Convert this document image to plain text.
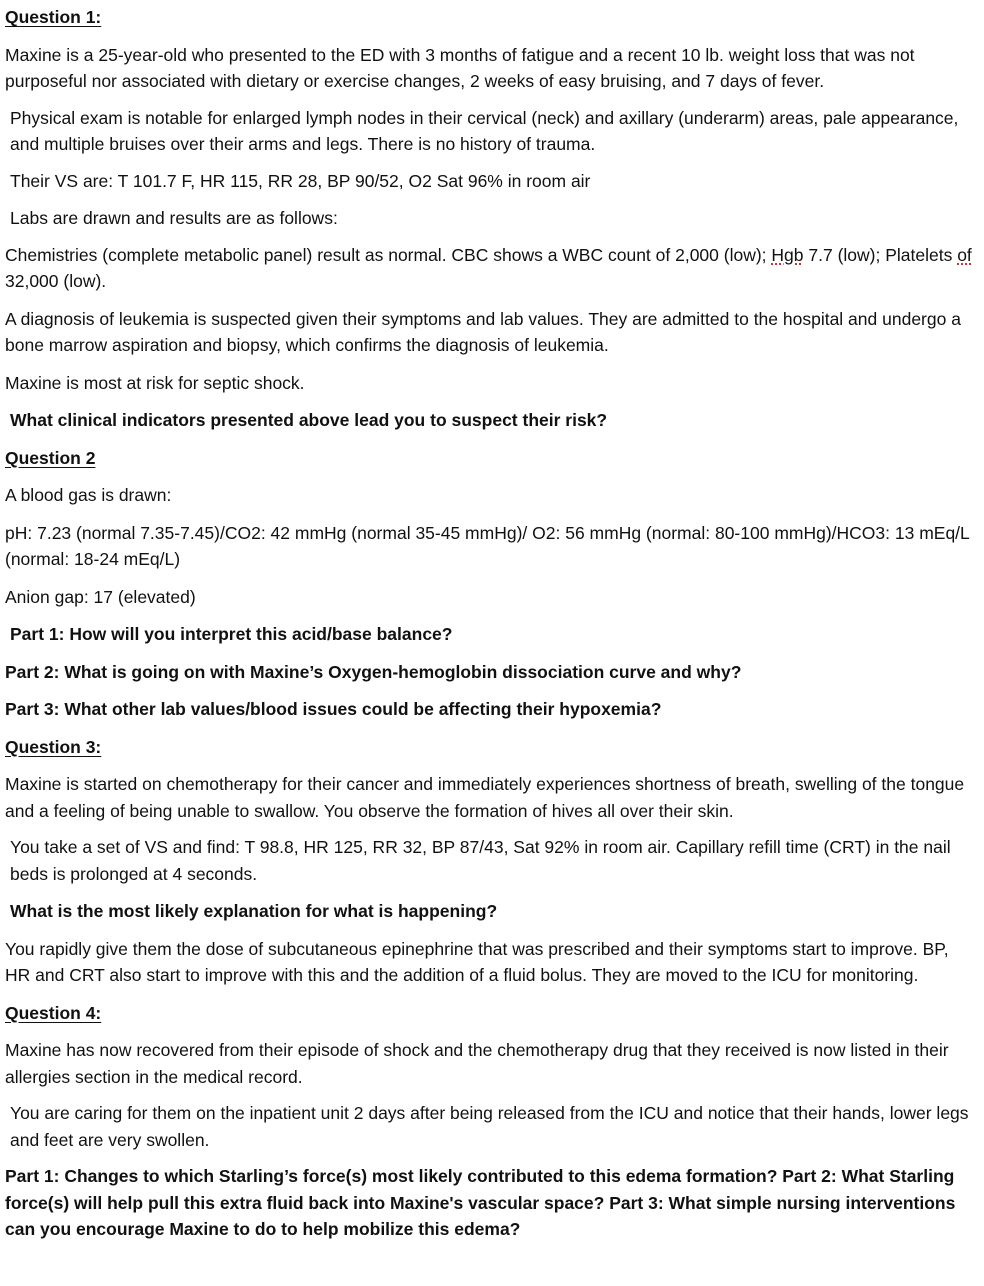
Question 1:

Maxine is a 25-year-old who presented to the ED with 3 months of fatigue and a recent 10 lb. weight loss that was not purposeful nor associated with dietary or exercise changes, 2 weeks of easy bruising, and 7 days of fever.

Physical exam is notable for enlarged lymph nodes in their cervical (neck) and axillary (underarm) areas, pale appearance, and multiple bruises over their arms and legs. There is no history of trauma.

Their VS are: T 101.7 F, HR 115, RR 28, BP 90/52, O2 Sat 96% in room air

Labs are drawn and results are as follows:

Chemistries (complete metabolic panel) result as normal. CBC shows a WBC count of 2,000 (low); Hgb 7.7 (low); Platelets of 32,000 (low).

A diagnosis of leukemia is suspected given their symptoms and lab values. They are admitted to the hospital and undergo a bone marrow aspiration and biopsy, which confirms the diagnosis of leukemia.

Maxine is most at risk for septic shock.

What clinical indicators presented above lead you to suspect their risk?

Question 2

A blood gas is drawn:

pH: 7.23 (normal 7.35-7.45)/CO2: 42 mmHg (normal 35-45 mmHg)/ O2: 56 mmHg (normal: 80-100 mmHg)/HCO3: 13 mEq/L (normal: 18-24 mEq/L)

Anion gap: 17 (elevated)

Part 1: How will you interpret this acid/base balance?

Part 2: What is going on with Maxine’s Oxygen-hemoglobin dissociation curve and why?

Part 3: What other lab values/blood issues could be affecting their hypoxemia?

Question 3:

Maxine is started on chemotherapy for their cancer and immediately experiences shortness of breath, swelling of the tongue and a feeling of being unable to swallow. You observe the formation of hives all over their skin.

You take a set of VS and find: T 98.8, HR 125, RR 32, BP 87/43, Sat 92% in room air. Capillary refill time (CRT) in the nail beds is prolonged at 4 seconds.

What is the most likely explanation for what is happening?

You rapidly give them the dose of subcutaneous epinephrine that was prescribed and their symptoms start to improve. BP, HR and CRT also start to improve with this and the addition of a fluid bolus. They are moved to the ICU for monitoring.

Question 4:

Maxine has now recovered from their episode of shock and the chemotherapy drug that they received is now listed in their allergies section in the medical record.

You are caring for them on the inpatient unit 2 days after being released from the ICU and notice that their hands, lower legs and feet are very swollen.

Part 1: Changes to which Starling’s force(s) most likely contributed to this edema formation? Part 2: What Starling force(s) will help pull this extra fluid back into Maxine's vascular space? Part 3: What simple nursing interventions can you encourage Maxine to do to help mobilize this edema?
